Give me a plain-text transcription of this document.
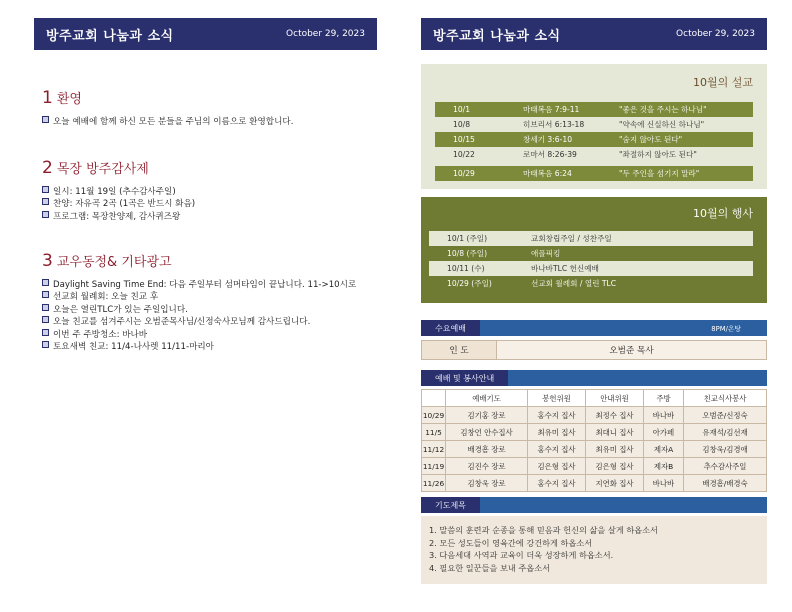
방주교회 나눔과 소식	October 29, 2023
1 환영
오늘 예배에 함께 하신 모든 분들을 주님의 이름으로 환영합니다.
2 목장 방주감사제
일시: 11월 19일 (추수감사주일)
찬양: 자유곡 2곡 (1곡은 반드시 화음)
프로그램: 목장찬양제, 감사퀴즈왕
3 교우동정& 기타광고
Daylight Saving Time End: 다음 주일부터 섬머타임이 끝납니다. 11->10시로
선교회 월례회: 오늘 친교 후
오늘은 열린TLC가 있는 주일입니다.
오늘 친교를 섬겨주시는 오범준목사님/신정숙사모님께 감사드립니다.
이번 주 주방청소: 바나바
토요새벽 친교: 11/4-나사렛 11/11-마리아
방주교회 나눔과 소식	October 29, 2023
10월의 설교
10/1	마태복음 7:9-11	"좋은 것을 주시는 하나님"
10/8	히브리서 6:13-18	"약속에 신실하신 하나님"
10/15	창세기 3:6-10	"숨지 않아도 된다"
10/22	로마서 8:26-39	"좌절하지 않아도 된다"
10/29	마태복음 6:24	"두 주인을 섬기지 말라"
10월의 행사
10/1 (주일)	교회창립주일 / 성찬주일
10/8 (주일)	애플픽킹
10/11 (수)	바나바TLC 헌신예배
10/29 (주일)	선교회 월례회 / 열린 TLC
수요예배	8PM/온탕
인 도	오범준 목사
예배 및 봉사안내
	예배기도	봉헌위원	안내위원	주방	친교식사봉사
10/29	김기홍 장로	홍수지 집사	최정수 집사	바나바	오범준/신정숙
11/5	김창언 안수집사	최유미 집사	최대니 집사	아가페	유재석/김선재
11/12	배경흠 장로	홍수지 집사	최유미 집사	제자A	김창욱/김경애
11/19	김진수 장로	김은형 집사	김은형 집사	제자B	추수감사주일
11/26	김창욱 장로	홍수지 집사	지연화 집사	바나바	배경흠/배경숙
기도제목
1. 말씀의 훈련과 순종을 통해 믿음과 헌신의 삶을 살게 하옵소서
2. 모든 성도들이 영육간에 강건하게 하옵소서
3. 다음세대 사역과 교육이 더욱 성장하게 하옵소서.
4. 필요한 일꾼들을 보내 주옵소서
